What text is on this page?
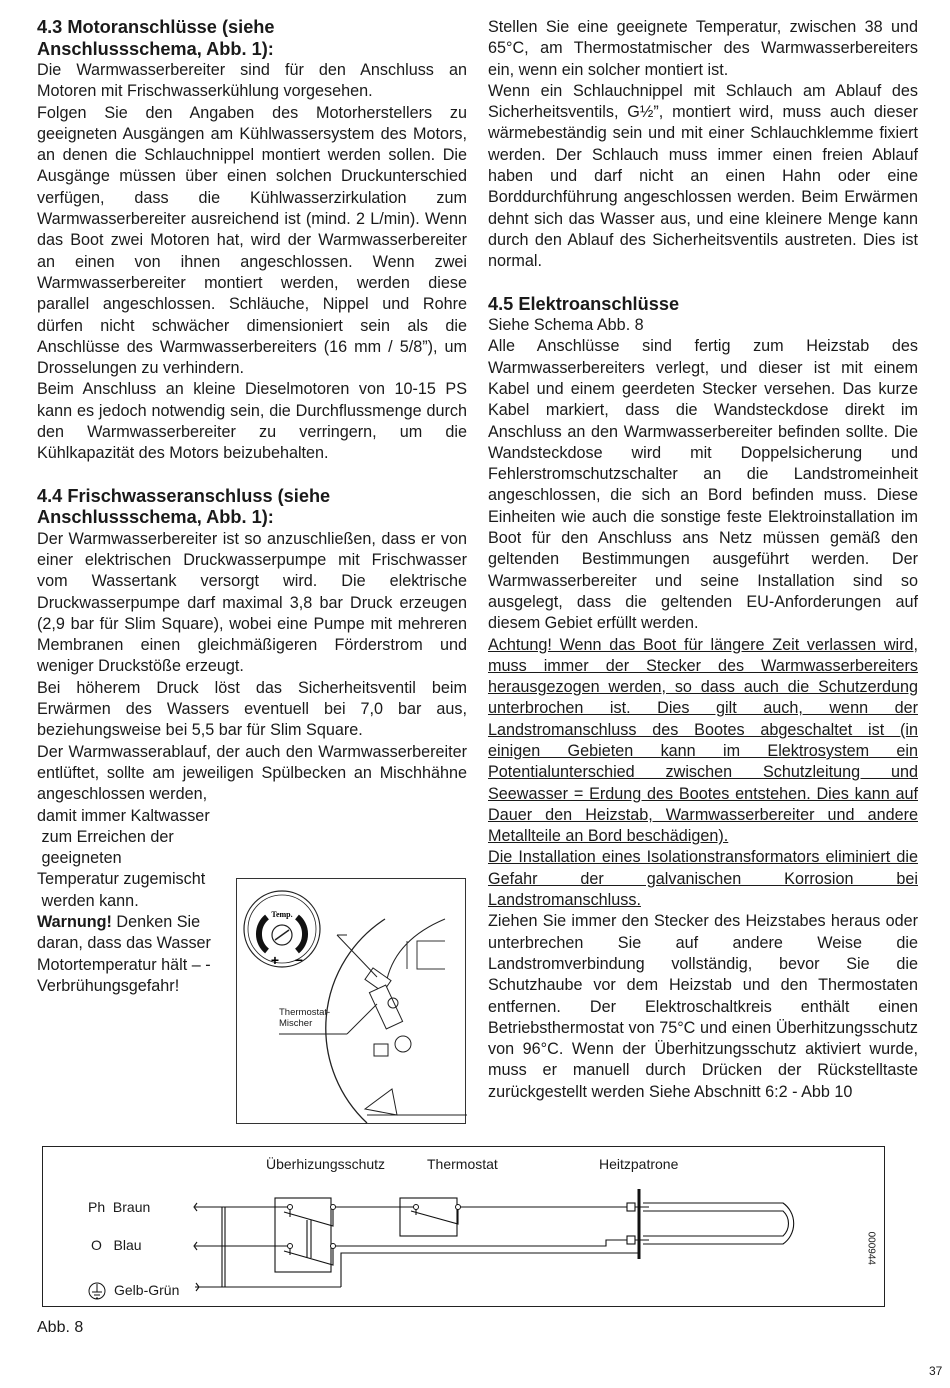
4.3 Motoranschlüsse (siehe
Anschlussschema, Abb. 1):

Die Warmwasserbereiter sind für den Anschluss an Motoren mit Frischwasserkühlung vorgesehen.

Folgen Sie den Angaben des Motorherstellers zu geeigneten Ausgängen am Kühlwassersystem des Motors, an denen die Schlauchnippel montiert werden sollen. Die Ausgänge müssen über einen solchen Druckunterschied verfügen, dass die Kühlwasserzirkulation zum Warmwasserbereiter ausreichend ist (mind. 2 L/min). Wenn das Boot zwei Motoren hat, wird der Warmwasserbereiter an einen von ihnen angeschlossen. Wenn zwei Warmwasserbereiter montiert werden, werden diese parallel angeschlossen. Schläuche, Nippel und Rohre dürfen nicht schwächer dimensioniert sein als die Anschlüsse des Warmwasserbereiters (16 mm / 5/8”), um Drosselungen zu verhindern.

Beim Anschluss an kleine Dieselmotoren von 10-15 PS kann es jedoch notwendig sein, die Durchflussmenge durch den Warmwasserbereiter zu verringern, um die Kühlkapazität des Motors beizubehalten.

4.4 Frischwasseranschluss (siehe
Anschlussschema, Abb. 1):

Der Warmwasserbereiter ist so anzuschließen, dass er von einer elektrischen Druckwasserpumpe mit Frischwasser vom Wassertank versorgt wird. Die elektrische Druckwasserpumpe darf maximal 3,8 bar Druck erzeugen (2,9 bar für Slim Square), wobei eine Pumpe mit mehreren Membranen einen gleichmäßigeren Förderstrom und weniger Druckstöße erzeugt.

Bei höherem Druck löst das Sicherheitsventil beim Erwärmen des Wassers eventuell bei 7,0 bar aus, beziehungsweise bei 5,5 bar für Slim Square.

Der Warmwasserablauf, der auch den Warmwasserbereiter entlüftet, sollte am jeweiligen Spülbecken an Mischhähne angeschlossen werden,

damit immer Kaltwasser
zum Erreichen der
geeigneten
Temperatur zugemischt
werden kann.
Warnung! Denken Sie daran, dass das Wasser Motortemperatur hält – - Verbrühungsgefahr!
Temp.
+ −
Thermostat-
Mischer

Stellen Sie eine geeignete Temperatur, zwischen 38 und 65°C, am Thermostatmischer des Warmwasserbereiters ein, wenn ein solcher montiert ist.

Wenn ein Schlauchnippel mit Schlauch am Ablauf des Sicherheitsventils, G½”, montiert wird, muss auch dieser wärmebeständig sein und mit einer Schlauchklemme fixiert werden. Der Schlauch muss immer einen freien Ablauf haben und darf nicht an einen Hahn oder eine Borddurchführung angeschlossen werden. Beim Erwärmen dehnt sich das Wasser aus, und eine kleinere Menge kann durch den Ablauf des Sicherheitsventils austreten. Dies ist normal.

4.5 Elektroanschlüsse

Siehe Schema Abb. 8

Alle Anschlüsse sind fertig zum Heizstab des Warmwasserbereiters verlegt, und dieser ist mit einem Kabel und einem geerdeten Stecker versehen. Das kurze Kabel markiert, dass die Wandsteckdose direkt im Anschluss an den Warmwasserbereiter befinden sollte. Die Wandsteckdose wird mit Doppelsicherung und Fehlerstromschutzschalter an die Landstromeinheit angeschlossen, die sich an Bord befinden muss. Diese Einheiten wie auch die sonstige feste Elektroinstallation im Boot für den Anschluss ans Netz müssen gemäß den geltenden Bestimmungen ausgeführt werden. Der Warmwasserbereiter und seine Installation sind so ausgelegt, dass die geltenden EU-Anforderungen auf diesem Gebiet erfüllt werden.

Achtung! Wenn das Boot für längere Zeit verlassen wird, muss immer der Stecker des Warmwasserbereiters herausgezogen werden, so dass auch die Schutzerdung unterbrochen ist. Dies gilt auch, wenn der Landstromanschluss des Bootes abgeschaltet ist (in einigen Gebieten kann im Elektrosystem ein Potentialunterschied zwischen Schutzleitung und Seewasser = Erdung des Bootes entstehen. Dies kann auf Dauer den Heizstab, Warmwasserbereiter und andere Metallteile an Bord beschädigen).

Die Installation eines Isolationstransformators eliminiert die Gefahr der galvanischen Korrosion bei Landstromanschluss.

Ziehen Sie immer den Stecker des Heizstabes heraus oder unterbrechen Sie auf andere Weise die Landstromverbindung vollständig, bevor Sie die Schutzhaube vor dem Heizstab und den Thermostaten entfernen. Der Elektroschaltkreis enthält einen Betriebsthermostat von 75°C und einen Überhitzungsschutz von 96°C. Wenn der Überhitzungsschutz aktiviert wurde, muss er manuell durch Drücken der Rückstelltaste zurückgestellt werden Siehe Abschnitt 6:2 - Abb 10

Überhizungsschutz	Thermostat	Heitzpatrone
Ph  Braun
O   Blau
Gelb-Grün
000944
Abb. 8
37
